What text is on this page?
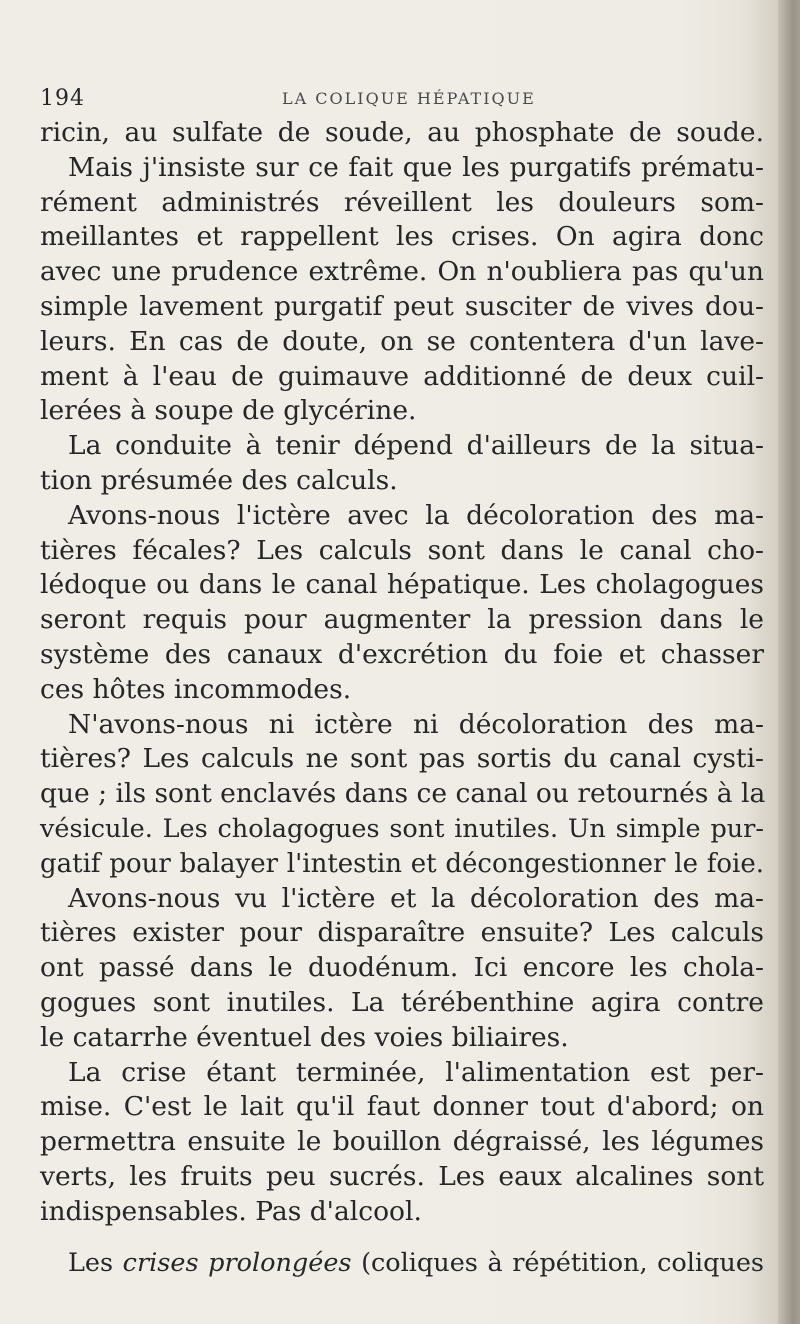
194	LA COLIQUE HÉPATIQUE
ricin, au sulfate de soude, au phosphate de soude.
Mais j'insiste sur ce fait que les purgatifs prématu-
rément administrés réveillent les douleurs som-
meillantes et rappellent les crises. On agira donc
avec une prudence extrême. On n'oubliera pas qu'un
simple lavement purgatif peut susciter de vives dou-
leurs. En cas de doute, on se contentera d'un lave-
ment à l'eau de guimauve additionné de deux cuil-
lerées à soupe de glycérine.
La conduite à tenir dépend d'ailleurs de la situa-
tion présumée des calculs.
Avons-nous l'ictère avec la décoloration des ma-
tières fécales? Les calculs sont dans le canal cho-
lédoque ou dans le canal hépatique. Les cholagogues
seront requis pour augmenter la pression dans le
système des canaux d'excrétion du foie et chasser
ces hôtes incommodes.
N'avons-nous ni ictère ni décoloration des ma-
tières? Les calculs ne sont pas sortis du canal cysti-
que ; ils sont enclavés dans ce canal ou retournés à la
vésicule. Les cholagogues sont inutiles. Un simple pur-
gatif pour balayer l'intestin et décongestionner le foie.
Avons-nous vu l'ictère et la décoloration des ma-
tières exister pour disparaître ensuite? Les calculs
ont passé dans le duodénum. Ici encore les chola-
gogues sont inutiles. La térébenthine agira contre
le catarrhe éventuel des voies biliaires.
La crise étant terminée, l'alimentation est per-
mise. C'est le lait qu'il faut donner tout d'abord; on
permettra ensuite le bouillon dégraissé, les légumes
verts, les fruits peu sucrés. Les eaux alcalines sont
indispensables. Pas d'alcool.
Les crises prolongées (coliques à répétition, coliques
